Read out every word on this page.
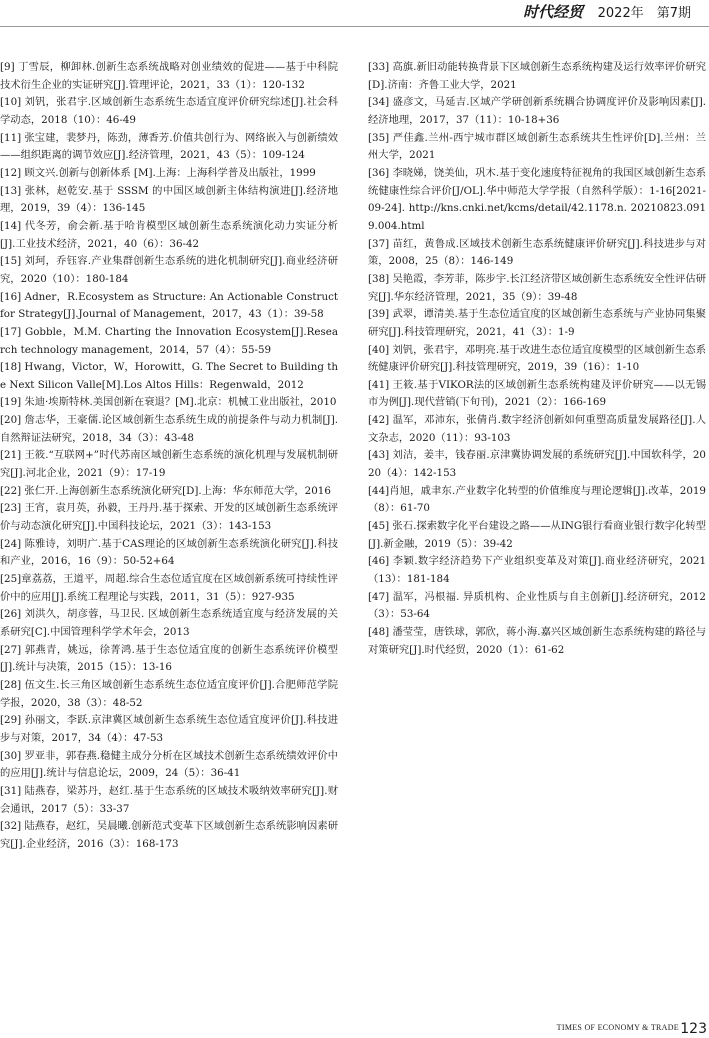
时代经贸 2022年　第7期

[9] 丁雪辰，柳卸林.创新生态系统战略对创业绩效的促进——基于中科院技术衍生企业的实证研究[J].管理评论，2021，33（1）：120-132

[10] 刘钒，张君宇.区域创新生态系统生态适宜度评价研究综述[J].社会科学动态，2018（10）：46-49

[11] 张宝建，裴梦丹，陈劲，薄香芳.价值共创行为、网络嵌入与创新绩效——组织距离的调节效应[J].经济管理，2021，43（5）：109-124

[12] 顾文兴.创新与创新体系 [M].上海：上海科学普及出版社，1999

[13] 张林，赵乾安.基于 SSSM 的中国区域创新主体结构演进[J].经济地理，2019，39（4）：136-145

[14] 代冬芳，俞会新.基于哈肯模型区域创新生态系统演化动力实证分析[J].工业技术经济，2021，40（6）：36-42

[15] 刘珂，乔钰容.产业集群创新生态系统的进化机制研究[J].商业经济研究，2020（10）：180-184

[16] Adner，R.Ecosystem as Structure: An Actionable Construct for Strategy[J].Journal of Management，2017，43（1）：39-58

[17] Gobble，M.M. Charting the Innovation Ecosystem[J].Research technology management，2014，57（4）：55-59

[18] Hwang，Victor，W，Horowitt，G. The Secret to Building the Next Silicon Valle[M].Los Altos Hills：Regenwald，2012

[19] 朱迪·埃斯特林.美国创新在衰退？[M].北京：机械工业出版社，2010

[20] 詹志华，王豪儒.论区域创新生态系统生成的前提条件与动力机制[J].自然辩证法研究，2018，34（3）：43-48

[21] 王筱.“互联网+”时代苏南区域创新生态系统的演化机理与发展机制研究[J].河北企业，2021（9）：17-19

[22] 张仁开.上海创新生态系统演化研究[D].上海：华东师范大学，2016

[23] 王宵，袁月英，孙毅，王丹丹.基于探索、开发的区域创新生态系统评价与动态演化研究[J].中国科技论坛，2021（3）：143-153

[24] 陈雅诗，刘明广.基于CAS理论的区域创新生态系统演化研究[J].科技和产业，2016，16（9）：50-52+64

[25]章荔荔，王道平，周超.综合生态位适宜度在区域创新系统可持续性评价中的应用[J].系统工程理论与实践，2011，31（5）：927-935

[26] 刘洪久，胡彦蓉，马卫民. 区域创新生态系统适宜度与经济发展的关系研究[C].中国管理科学学术年会，2013

[27] 郭燕青，姚远，徐菁鸿.基于生态位适宜度的创新生态系统评价模型[J].统计与决策，2015（15）：13-16

[28] 伍文生.长三角区域创新生态系统生态位适宜度评价[J].合肥师范学院学报，2020，38（3）：48-52

[29] 孙丽文，李跃.京津冀区域创新生态系统生态位适宜度评价[J].科技进步与对策，2017，34（4）：47-53

[30] 罗亚非，郭春燕.稳健主成分分析在区域技术创新生态系统绩效评价中的应用[J].统计与信息论坛，2009，24（5）：36-41

[31] 陆燕春，梁苏丹，赵红.基于生态系统的区域技术吸纳效率研究[J].财会通讯，2017（5）：33-37

[32] 陆燕春，赵红，吴晨曦.创新范式变革下区域创新生态系统影响因素研究[J].企业经济，2016（3）：168-173

[33] 高旗.新旧动能转换背景下区域创新生态系统构建及运行效率评价研究[D].济南：齐鲁工业大学，2021

[34] 盛彦文，马延吉.区域产学研创新系统耦合协调度评价及影响因素[J].经济地理，2017，37（11）：10-18+36

[35] 严佳鑫.兰州-西宁城市群区域创新生态系统共生性评价[D].兰州：兰州大学，2021

[36] 李晓娣，饶美仙，巩木.基于变化速度特征视角的我国区域创新生态系统健康性综合评价[J/OL].华中师范大学学报（自然科学版）：1-16[2021-09-24]. http://kns.cnki.net/kcms/detail/42.1178.n. 20210823.0919.004.html

[37] 苗红，黄鲁成.区域技术创新生态系统健康评价研究[J].科技进步与对策，2008，25（8）：146-149

[38] 吴艳霞，李芳菲，陈步宇.长江经济带区域创新生态系统安全性评估研究[J].华东经济管理，2021，35（9）：39-48

[39] 武翠，谭清美.基于生态位适宜度的区域创新生态系统与产业协同集聚研究[J].科技管理研究，2021，41（3）：1-9

[40] 刘钒，张君宇，邓明亮.基于改进生态位适宜度模型的区域创新生态系统健康评价研究[J].科技管理研究，2019，39（16）：1-10

[41] 王筱.基于VIKOR法的区域创新生态系统构建及评价研究——以无锡市为例[J].现代营销(下旬刊)，2021（2）：166-169

[42] 温军，邓沛东，张倩肖.数字经济创新如何重塑高质量发展路径[J].人文杂志，2020（11）：93-103

[43] 刘洁，姜丰，钱春丽.京津冀协调发展的系统研究[J].中国软科学，2020（4）：142-153

[44]肖旭，戚聿东.产业数字化转型的价值维度与理论逻辑[J].改革，2019（8）：61-70

[45] 张石.探索数字化平台建设之路——从ING银行看商业银行数字化转型[J].新金融，2019（5）：39-42

[46] 李颖.数字经济趋势下产业组织变革及对策[J].商业经济研究，2021（13）：181-184

[47] 温军，冯根福. 异质机构、企业性质与自主创新[J].经济研究，2012（3）：53-64

[48] 潘莹莹，唐铁球，郭欣，蒋小海.嘉兴区域创新生态系统构建的路径与对策研究[J].时代经贸，2020（1）：61-62

TIMES OF ECONOMY & TRADE 123
